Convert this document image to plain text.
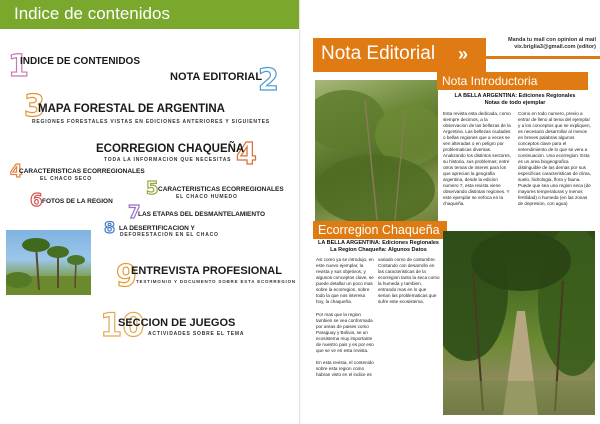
Indice de contenidos
1
INDICE DE CONTENIDOS
2
NOTA EDITORIAL
3
MAPA FORESTAL DE ARGENTINA
REGIONES FORESTALES VISTAS EN EDICIONES ANTERIORES Y SIGUIENTES
4
ECORREGION CHAQUEÑA
TODA LA INFORMACION QUE NECESITAS
4
CARACTERISTICAS ECORREGIONALES
EL CHACO SECO	5 CARACTERISTICAS ECORREGIONALES
EL CHACO HUMEDO
6 FOTOS DE LA REGION
7
LAS ETAPAS DEL DESMANTELAMIENTO
8 LA DESERTIFICACION Y
DEFORESTACION EN EL CHACO
9
ENTREVISTA PROFESIONAL
TESTIMONIO Y DOCUMENTO SOBRE ESTA ECORREGION
10
SECCION DE JUEGOS
ACTIVIDADES SOBRE EL TEMA
Nota Editorial »
Manda tu mail con opinion al mail
vix.briglia3@gmail.com (editor)
Nota Introductoria
LA BELLA ARGENTINA: Ediciones Regionales
Notas de todo ejemplar
Esta revista esta dedicada, como siempre decimos, a la observacion de las bellezas de la Argentina. Las bellezas ciudades o bellas regiones que a veces se ven alteradas o en peligro por problematicas diversas. Analizando los distintos sectores, su historia, sus problemas; entre otros temas de interes para los que aprecian la geografia argentina, desde la edicion numero 7, esta revista viene observando distintas regiones. Y este ejemplar se enfoca en la chaqueña.
Como en todo numero, previo a entrar de lleno al tema del ejemplar y a los conceptos que se expliquen, es necesario desarrollar al menos en breves palabras algunos conceptos clave para el entendimiento de lo que se vera a continuacion. Una ecorregion. Esta es un area biogeografica distinguible de las demas por sus especificas caracteristicas de clima, suelo, hidrologia, flora y fauna. Puede que sea una region seca (de mayores temperaturas y menos fertilidad) o humeda (en las zonas de depresion, con agua)
Ecorregion Chaqueña
LA BELLA ARGENTINA: Ediciones Regionales
La Region Chaqueña: Algunos Datos
Asi como ya se introdujo, en este nuevo ejemplar, la revista y sus objetivos, y algunos conceptos clave, se puede detallar un poco mas sobre la ecorregion, sobre todo la que nos interesa hoy, la chaqueña.
Por mas que la region tambien se vea conformada por areas de paises como Paraguay y Bolivia, se un ecosistema muy importante de nuestro pais y es por eso que se ve en esta revista.
En esta revista, el contenido sobre esta region como habran visto en el indice es
variado como de costumbre. Contando con desarrollo en las caracteristicas de la ecorregion tanto la seca como la humeda y tambien, entrando mas en lo que serian las problematicas que sufre este ecosistema.
